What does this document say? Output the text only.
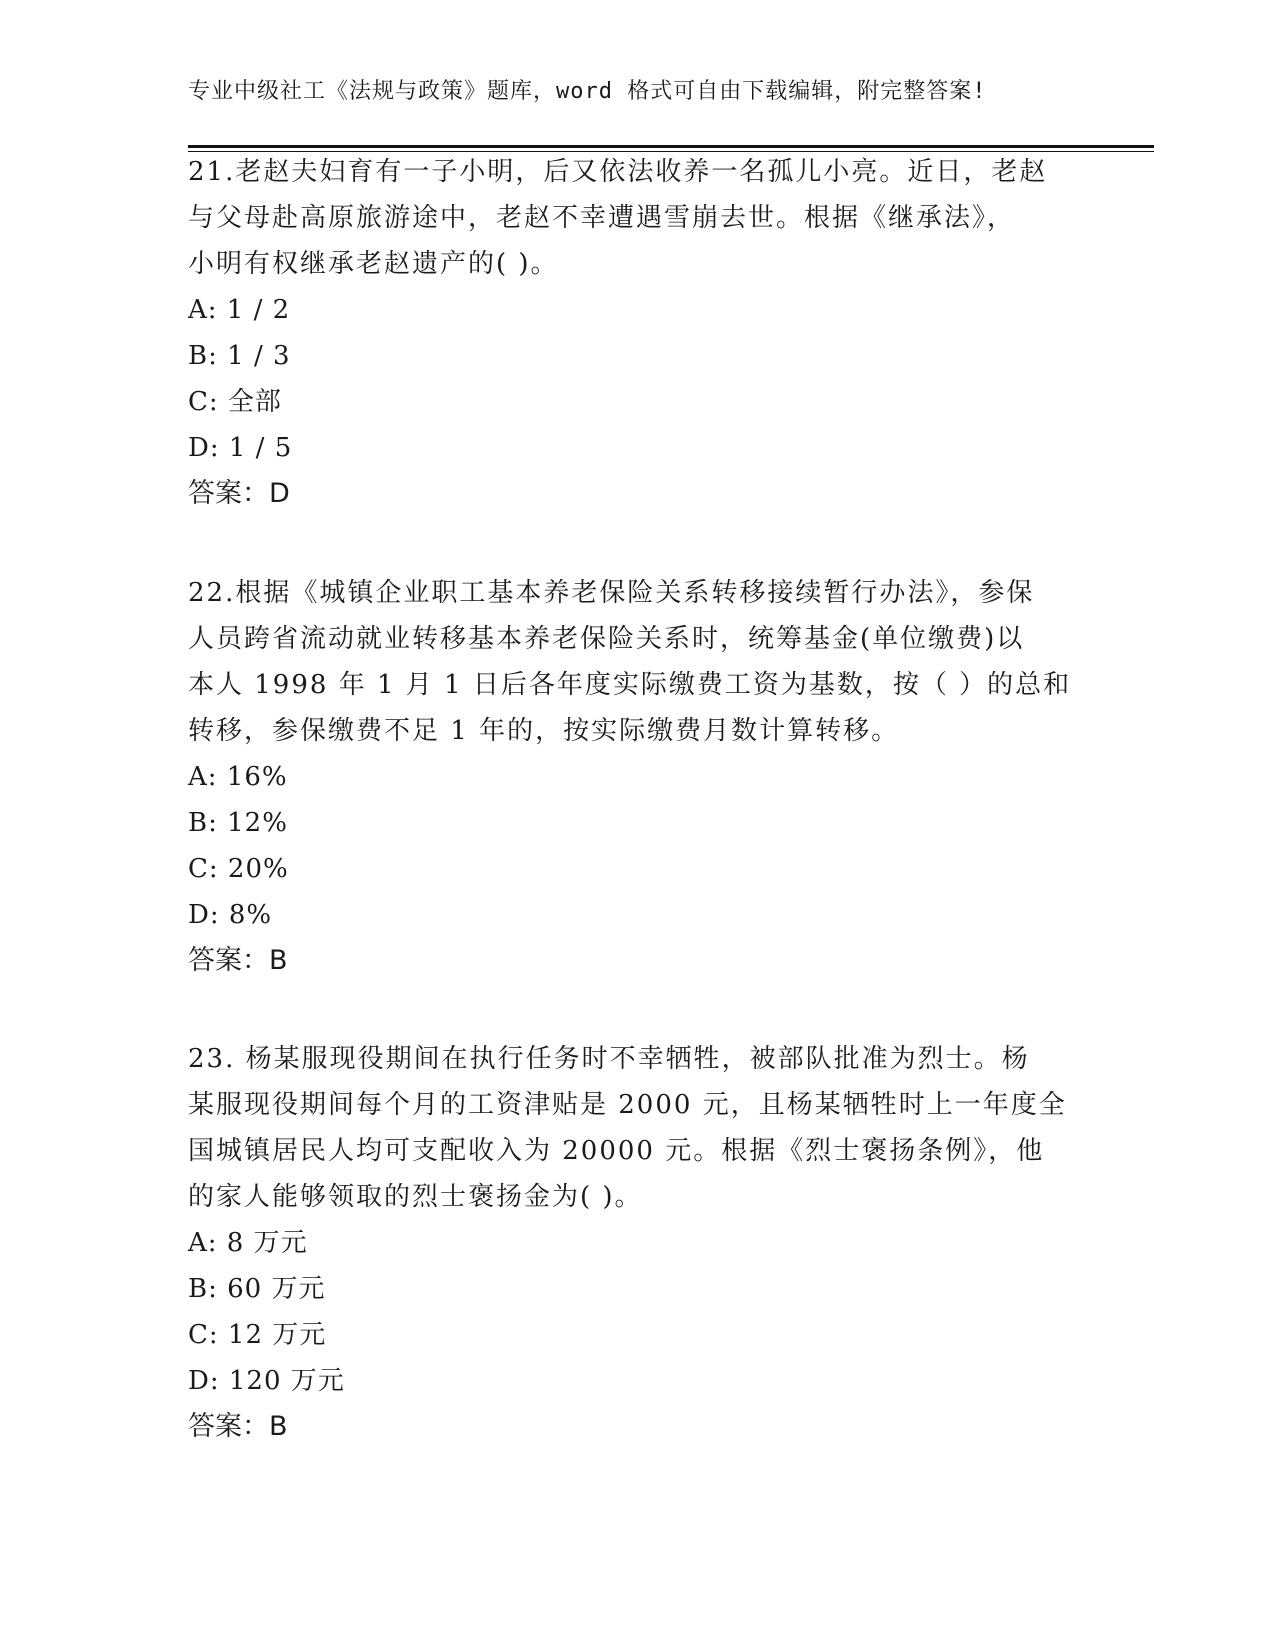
专业中级社工《法规与政策》题库，word 格式可自由下载编辑，附完整答案!
21.老赵夫妇育有一子小明，后又依法收养一名孤儿小亮。近日，老赵
与父母赴高原旅游途中，老赵不幸遭遇雪崩去世。根据《继承法》，
小明有权继承老赵遗产的( )。
A: 1 / 2
B: 1 / 3
C: 全部
D: 1 / 5
答案：D
22.根据《城镇企业职工基本养老保险关系转移接续暂行办法》，参保
人员跨省流动就业转移基本养老保险关系时，统筹基金(单位缴费)以
本人 1998 年 1 月 1 日后各年度实际缴费工资为基数，按（ ）的总和
转移，参保缴费不足 1 年的，按实际缴费月数计算转移。
A: 16%
B: 12%
C: 20%
D: 8%
答案：B
23. 杨某服现役期间在执行任务时不幸牺牲，被部队批准为烈士。杨
某服现役期间每个月的工资津贴是 2000 元，且杨某牺牲时上一年度全
国城镇居民人均可支配收入为 20000 元。根据《烈士褒扬条例》，他
的家人能够领取的烈士褒扬金为( )。
A: 8 万元
B: 60 万元
C: 12 万元
D: 120 万元
答案：B
